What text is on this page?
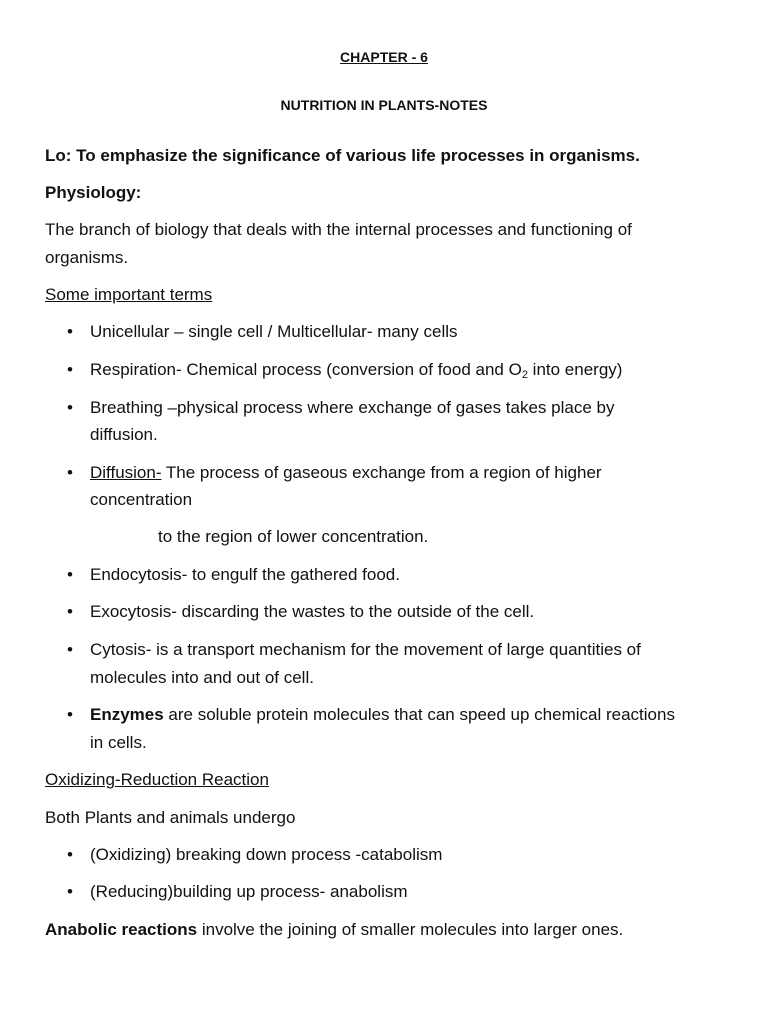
CHAPTER - 6
NUTRITION IN PLANTS-NOTES
Lo: To emphasize the significance of various life processes in organisms.
Physiology:
The branch of biology that deals with the internal processes and functioning of
organisms.
Some important terms
• Unicellular – single cell / Multicellular- many cells
• Respiration- Chemical process (conversion of food and $O_2$ into energy)
• Breathing –physical process where exchange of gases takes place by
diffusion.
• Diffusion- The process of gaseous exchange from a region of higher
concentration
to the region of lower concentration.
• Endocytosis- to engulf the gathered food.
• Exocytosis- discarding the wastes to the outside of the cell.
• Cytosis- is a transport mechanism for the movement of large quantities of
molecules into and out of cell.
• Enzymes are soluble protein molecules that can speed up chemical reactions
in cells.
Oxidizing-Reduction Reaction
Both Plants and animals undergo
• (Oxidizing) breaking down process -catabolism
• (Reducing)building up process- anabolism
Anabolic reactions involve the joining of smaller molecules into larger ones.
